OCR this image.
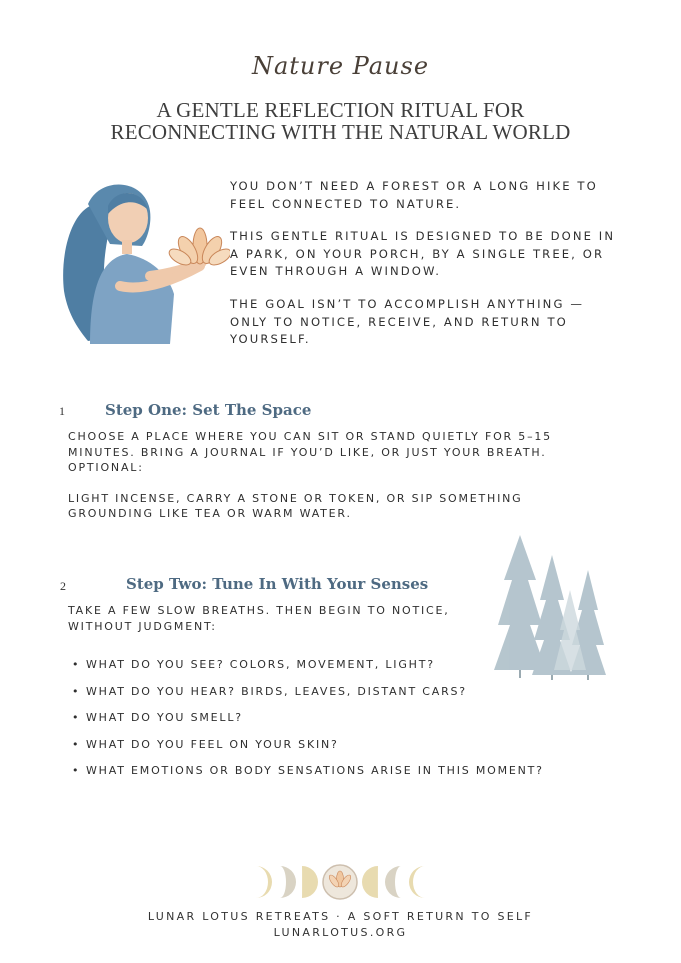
Nature Pause
A GENTLE REFLECTION RITUAL FOR
RECONNECTING WITH THE NATURAL WORLD

YOU DON’T NEED A FOREST OR A LONG HIKE TO FEEL CONNECTED TO NATURE.

THIS GENTLE RITUAL IS DESIGNED TO BE DONE IN A PARK, ON YOUR PORCH, BY A SINGLE TREE, OR EVEN THROUGH A WINDOW.

THE GOAL ISN’T TO ACCOMPLISH ANYTHING — ONLY TO NOTICE, RECEIVE, AND RETURN TO YOURSELF.

1	Step One: Set The Space

CHOOSE A PLACE WHERE YOU CAN SIT OR STAND QUIETLY FOR 5–15 MINUTES. BRING A JOURNAL IF YOU’D LIKE, OR JUST YOUR BREATH. OPTIONAL:

LIGHT INCENSE, CARRY A STONE OR TOKEN, OR SIP SOMETHING GROUNDING LIKE TEA OR WARM WATER.

2	Step Two: Tune In With Your Senses

TAKE A FEW SLOW BREATHS. THEN BEGIN TO NOTICE, WITHOUT JUDGMENT:

• WHAT DO YOU SEE? COLORS, MOVEMENT, LIGHT?
• WHAT DO YOU HEAR? BIRDS, LEAVES, DISTANT CARS?
• WHAT DO YOU SMELL?
• WHAT DO YOU FEEL ON YOUR SKIN?
• WHAT EMOTIONS OR BODY SENSATIONS ARISE IN THIS MOMENT?
LUNAR LOTUS RETREATS · A SOFT RETURN TO SELF
LUNARLOTUS.ORG
